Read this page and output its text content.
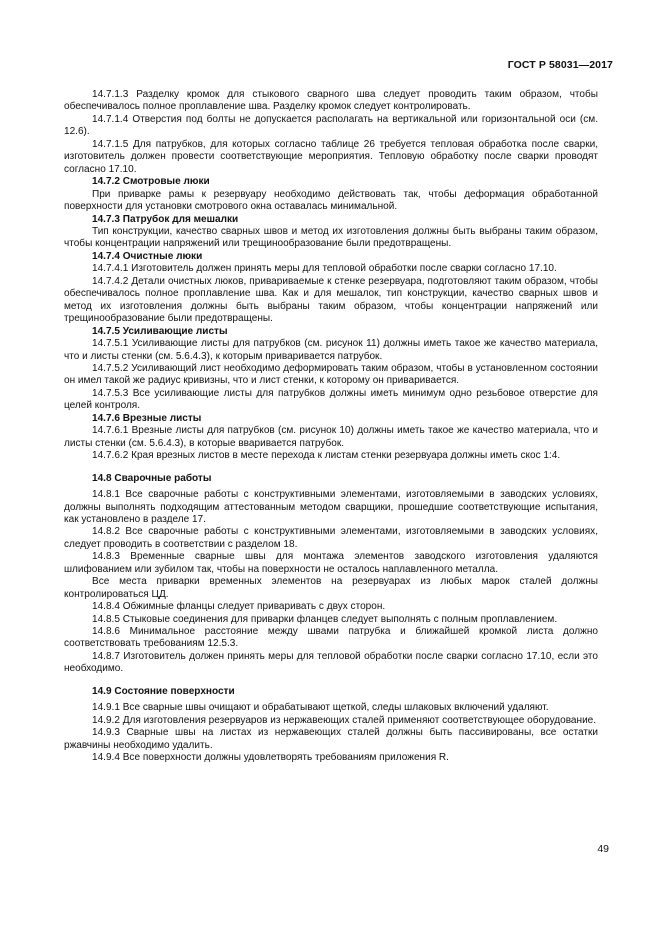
ГОСТ Р 58031—2017
14.7.1.3 Разделку кромок для стыкового сварного шва следует проводить таким образом, чтобы обеспечивалось полное проплавление шва. Разделку кромок следует контролировать.
14.7.1.4 Отверстия под болты не допускается располагать на вертикальной или горизонтальной оси (см. 12.6).
14.7.1.5 Для патрубков, для которых согласно таблице 26 требуется тепловая обработка после сварки, изготовитель должен провести соответствующие мероприятия. Тепловую обработку после сварки проводят согласно 17.10.
14.7.2 Смотровые люки
При приварке рамы к резервуару необходимо действовать так, чтобы деформация обработанной поверхности для установки смотрового окна оставалась минимальной.
14.7.3 Патрубок для мешалки
Тип конструкции, качество сварных швов и метод их изготовления должны быть выбраны таким образом, чтобы концентрации напряжений или трещинообразование были предотвращены.
14.7.4 Очистные люки
14.7.4.1 Изготовитель должен принять меры для тепловой обработки после сварки согласно 17.10.
14.7.4.2 Детали очистных люков, привариваемые к стенке резервуара, подготовляют таким образом, чтобы обеспечивалось полное проплавление шва. Как и для мешалок, тип конструкции, качество сварных швов и метод их изготовления должны быть выбраны таким образом, чтобы концентрации напряжений или трещинообразование были предотвращены.
14.7.5 Усиливающие листы
14.7.5.1 Усиливающие листы для патрубков (см. рисунок 11) должны иметь такое же качество материала, что и листы стенки (см. 5.6.4.3), к которым приваривается патрубок.
14.7.5.2 Усиливающий лист необходимо деформировать таким образом, чтобы в установленном состоянии он имел такой же радиус кривизны, что и лист стенки, к которому он приваривается.
14.7.5.3 Все усиливающие листы для патрубков должны иметь минимум одно резьбовое отверстие для целей контроля.
14.7.6 Врезные листы
14.7.6.1 Врезные листы для патрубков (см. рисунок 10) должны иметь такое же качество материала, что и листы стенки (см. 5.6.4.3), в которые вваривается патрубок.
14.7.6.2 Края врезных листов в месте перехода к листам стенки резервуара должны иметь скос 1:4.
14.8 Сварочные работы
14.8.1 Все сварочные работы с конструктивными элементами, изготовляемыми в заводских условиях, должны выполнять подходящим аттестованным методом сварщики, прошедшие соответствующие испытания, как установлено в разделе 17.
14.8.2 Все сварочные работы с конструктивными элементами, изготовляемыми в заводских условиях, следует проводить в соответствии с разделом 18.
14.8.3 Временные сварные швы для монтажа элементов заводского изготовления удаляются шлифованием или зубилом так, чтобы на поверхности не осталось наплавленного металла.
Все места приварки временных элементов на резервуарах из любых марок сталей должны контролироваться ЦД.
14.8.4 Обжимные фланцы следует приваривать с двух сторон.
14.8.5 Стыковые соединения для приварки фланцев следует выполнять с полным проплавлением.
14.8.6 Минимальное расстояние между швами патрубка и ближайшей кромкой листа должно соответствовать требованиям 12.5.3.
14.8.7 Изготовитель должен принять меры для тепловой обработки после сварки согласно 17.10, если это необходимо.
14.9 Состояние поверхности
14.9.1 Все сварные швы очищают и обрабатывают щеткой, следы шлаковых включений удаляют.
14.9.2 Для изготовления резервуаров из нержавеющих сталей применяют соответствующее оборудование.
14.9.3 Сварные швы на листах из нержавеющих сталей должны быть пассивированы, все остатки ржавчины необходимо удалить.
14.9.4 Все поверхности должны удовлетворять требованиям приложения R.
49
